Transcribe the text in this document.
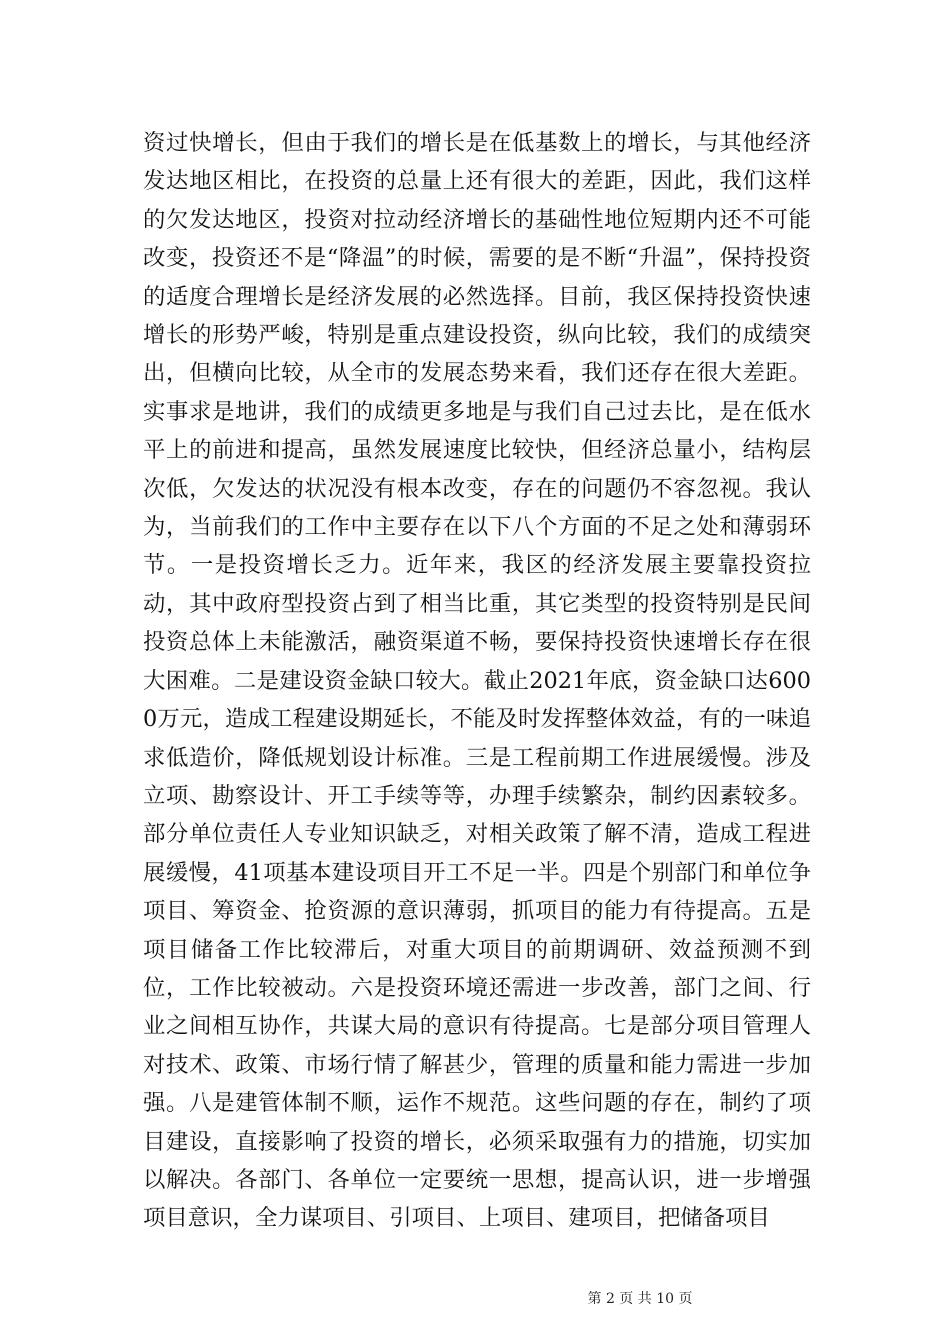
资过快增长，但由于我们的增长是在低基数上的增长，与其他经济发达地区相比，在投资的总量上还有很大的差距，因此，我们这样的欠发达地区，投资对拉动经济增长的基础性地位短期内还不可能改变，投资还不是“降温”的时候，需要的是不断“升温”，保持投资的适度合理增长是经济发展的必然选择。目前，我区保持投资快速增长的形势严峻，特别是重点建设投资，纵向比较，我们的成绩突出，但横向比较，从全市的发展态势来看，我们还存在很大差距。实事求是地讲，我们的成绩更多地是与我们自己过去比，是在低水平上的前进和提高，虽然发展速度比较快，但经济总量小，结构层次低，欠发达的状况没有根本改变，存在的问题仍不容忽视。我认为，当前我们的工作中主要存在以下八个方面的不足之处和薄弱环节。一是投资增长乏力。近年来，我区的经济发展主要靠投资拉动，其中政府型投资占到了相当比重，其它类型的投资特别是民间投资总体上未能激活，融资渠道不畅，要保持投资快速增长存在很大困难。二是建设资金缺口较大。截止2021年底，资金缺口达6000万元，造成工程建设期延长，不能及时发挥整体效益，有的一味追求低造价，降低规划设计标准。三是工程前期工作进展缓慢。涉及立项、勘察设计、开工手续等等，办理手续繁杂，制约因素较多。部分单位责任人专业知识缺乏，对相关政策了解不清，造成工程进展缓慢，41项基本建设项目开工不足一半。四是个别部门和单位争项目、筹资金、抢资源的意识薄弱，抓项目的能力有待提高。五是项目储备工作比较滞后，对重大项目的前期调研、效益预测不到位，工作比较被动。六是投资环境还需进一步改善，部门之间、行业之间相互协作，共谋大局的意识有待提高。七是部分项目管理人对技术、政策、市场行情了解甚少，管理的质量和能力需进一步加强。八是建管体制不顺，运作不规范。这些问题的存在，制约了项目建设，直接影响了投资的增长，必须采取强有力的措施，切实加以解决。各部门、各单位一定要统一思想，提高认识，进一步增强项目意识，全力谋项目、引项目、上项目、建项目，把储备项目

第 2 页 共 10 页
